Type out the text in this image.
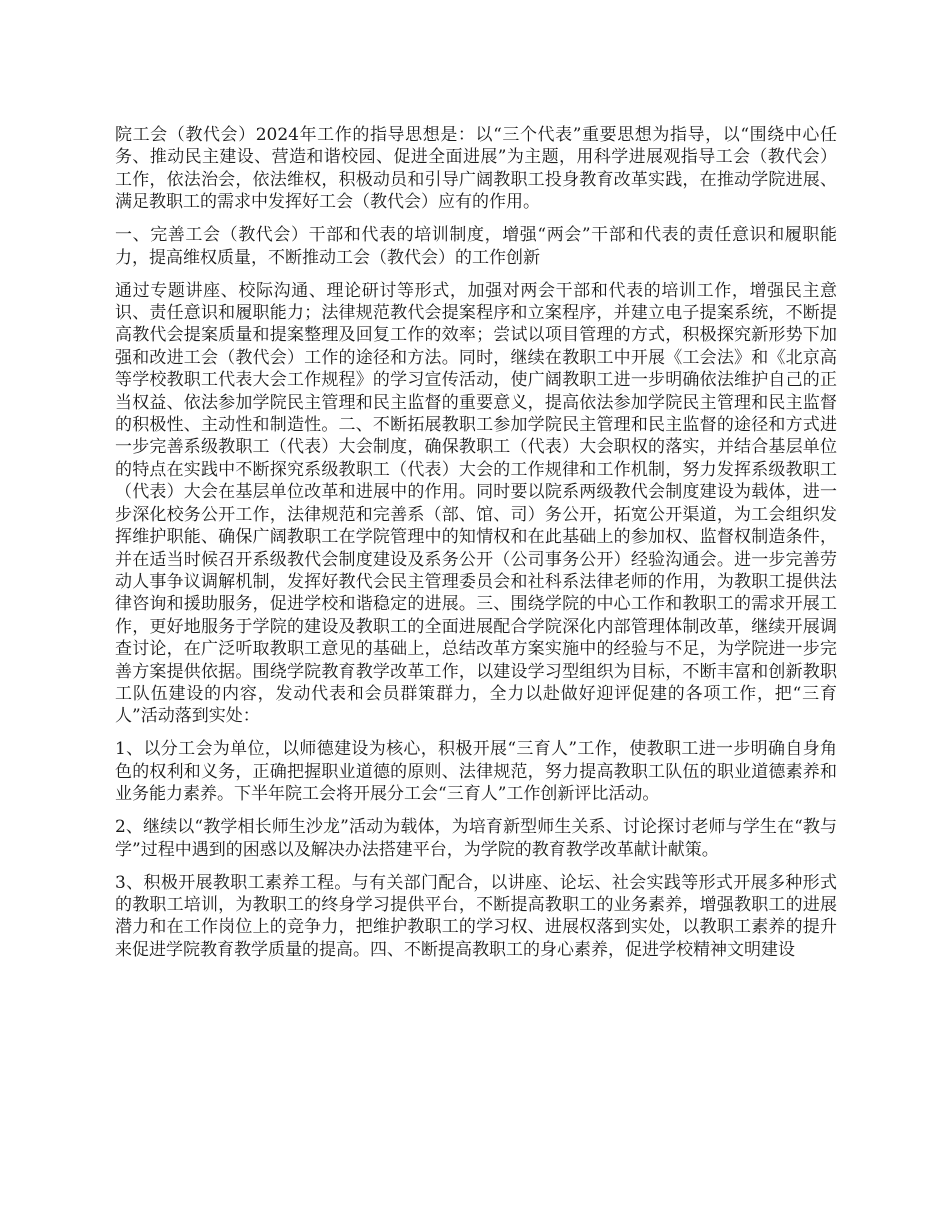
院工会（教代会）2024年工作的指导思想是：以“三个代表”重要思想为指导，以“围绕中心任务、推动民主建设、营造和谐校园、促进全面进展”为主题，用科学进展观指导工会（教代会）工作，依法治会，依法维权，积极动员和引导广阔教职工投身教育改革实践，在推动学院进展、满足教职工的需求中发挥好工会（教代会）应有的作用。

一、完善工会（教代会）干部和代表的培训制度，增强“两会”干部和代表的责任意识和履职能力，提高维权质量，不断推动工会（教代会）的工作创新

通过专题讲座、校际沟通、理论研讨等形式，加强对两会干部和代表的培训工作，增强民主意识、责任意识和履职能力；法律规范教代会提案程序和立案程序，并建立电子提案系统，不断提高教代会提案质量和提案整理及回复工作的效率；尝试以项目管理的方式，积极探究新形势下加强和改进工会（教代会）工作的途径和方法。同时，继续在教职工中开展《工会法》和《北京高等学校教职工代表大会工作规程》的学习宣传活动，使广阔教职工进一步明确依法维护自己的正当权益、依法参加学院民主管理和民主监督的重要意义，提高依法参加学院民主管理和民主监督的积极性、主动性和制造性。二、不断拓展教职工参加学院民主管理和民主监督的途径和方式进一步完善系级教职工（代表）大会制度，确保教职工（代表）大会职权的落实，并结合基层单位的特点在实践中不断探究系级教职工（代表）大会的工作规律和工作机制，努力发挥系级教职工（代表）大会在基层单位改革和进展中的作用。同时要以院系两级教代会制度建设为载体，进一步深化校务公开工作，法律规范和完善系（部、馆、司）务公开，拓宽公开渠道，为工会组织发挥维护职能、确保广阔教职工在学院管理中的知情权和在此基础上的参加权、监督权制造条件，并在适当时候召开系级教代会制度建设及系务公开（公司事务公开）经验沟通会。进一步完善劳动人事争议调解机制，发挥好教代会民主管理委员会和社科系法律老师的作用，为教职工提供法律咨询和援助服务，促进学校和谐稳定的进展。三、围绕学院的中心工作和教职工的需求开展工作，更好地服务于学院的建设及教职工的全面进展配合学院深化内部管理体制改革，继续开展调查讨论，在广泛听取教职工意见的基础上，总结改革方案实施中的经验与不足，为学院进一步完善方案提供依据。围绕学院教育教学改革工作，以建设学习型组织为目标，不断丰富和创新教职工队伍建设的内容，发动代表和会员群策群力，全力以赴做好迎评促建的各项工作，把“三育人”活动落到实处：

1、以分工会为单位，以师德建设为核心，积极开展“三育人”工作，使教职工进一步明确自身角色的权利和义务，正确把握职业道德的原则、法律规范，努力提高教职工队伍的职业道德素养和业务能力素养。下半年院工会将开展分工会“三育人”工作创新评比活动。

2、继续以“教学相长师生沙龙”活动为载体，为培育新型师生关系、讨论探讨老师与学生在“教与学”过程中遇到的困惑以及解决办法搭建平台，为学院的教育教学改革献计献策。

3、积极开展教职工素养工程。与有关部门配合，以讲座、论坛、社会实践等形式开展多种形式的教职工培训，为教职工的终身学习提供平台，不断提高教职工的业务素养，增强教职工的进展潜力和在工作岗位上的竞争力，把维护教职工的学习权、进展权落到实处，以教职工素养的提升来促进学院教育教学质量的提高。四、不断提高教职工的身心素养，促进学校精神文明建设
